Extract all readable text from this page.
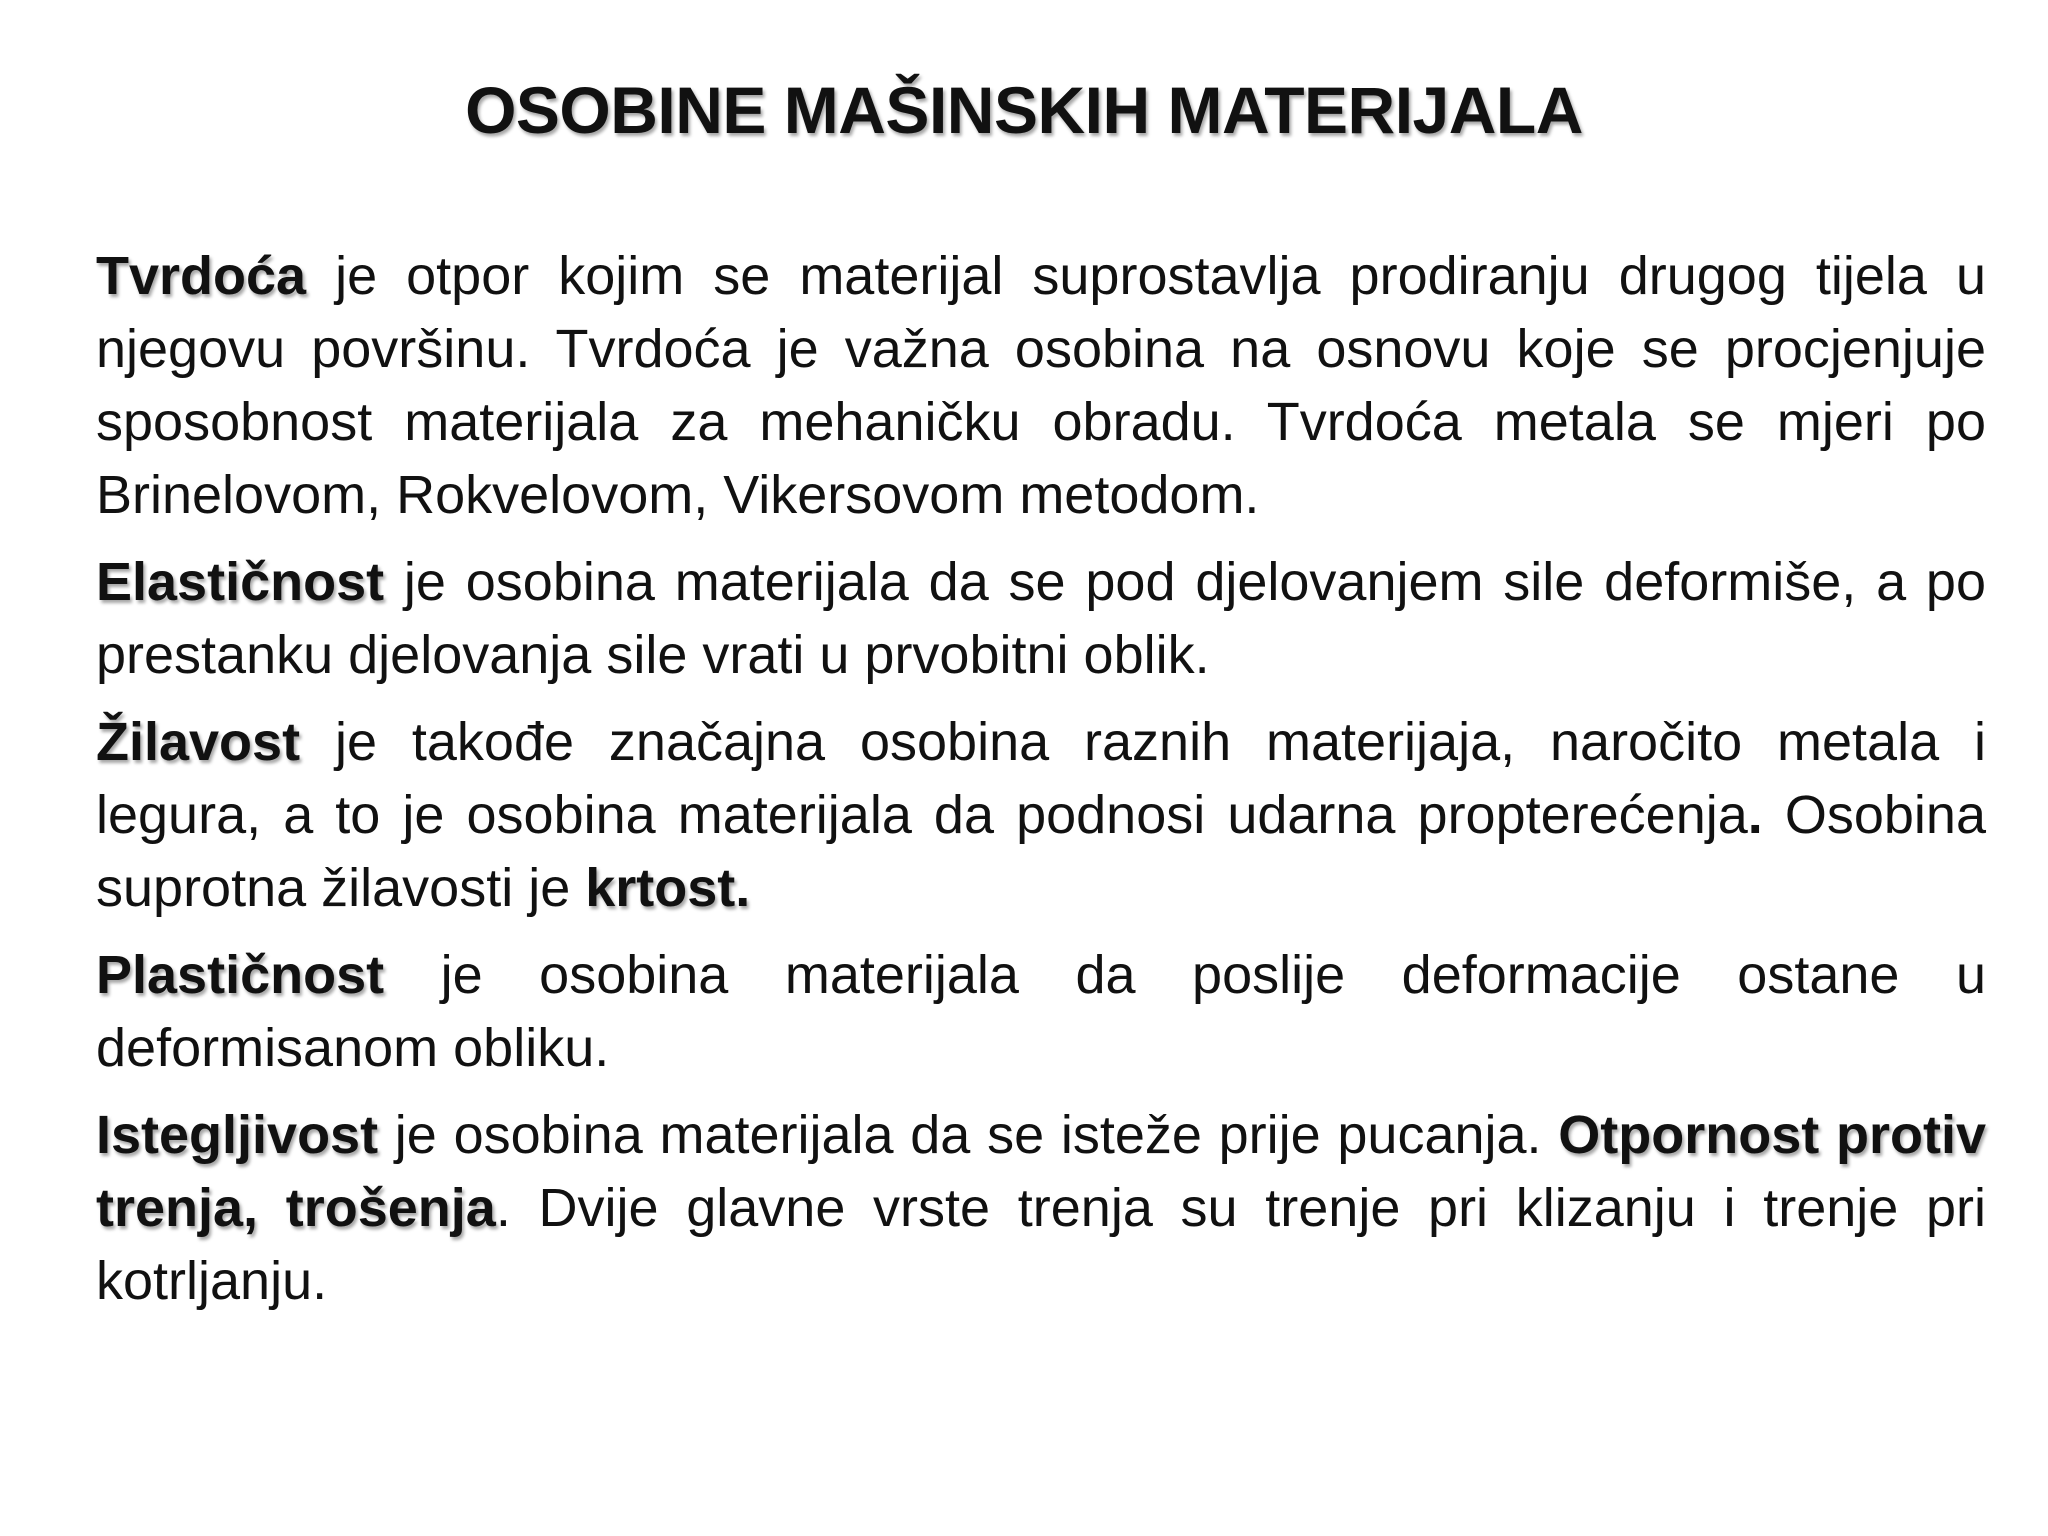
OSOBINE MAŠINSKIH MATERIJALA

Tvrdoća je otpor kojim se materijal suprostavlja prodiranju drugog tijela u njegovu površinu. Tvrdoća je važna osobina na osnovu koje se procjenjuje sposobnost materijala za mehaničku obradu. Tvrdoća metala se mjeri po Brinelovom, Rokvelovom, Vikersovom metodom.

Elastičnost je osobina materijala da se pod djelovanjem sile deformiše, a po prestanku djelovanja sile vrati u prvobitni oblik.

Žilavost je takođe značajna osobina raznih materijaja, naročito metala i legura, a to je osobina materijala da podnosi udarna propterećenja. Osobina suprotna žilavosti je krtost.

Plastičnost je osobina materijala da poslije deformacije ostane u deformisanom obliku.

Istegljivost je osobina materijala da se isteže prije pucanja. Otpornost protiv trenja, trošenja. Dvije glavne vrste trenja su trenje pri klizanju i trenje pri kotrljanju.
